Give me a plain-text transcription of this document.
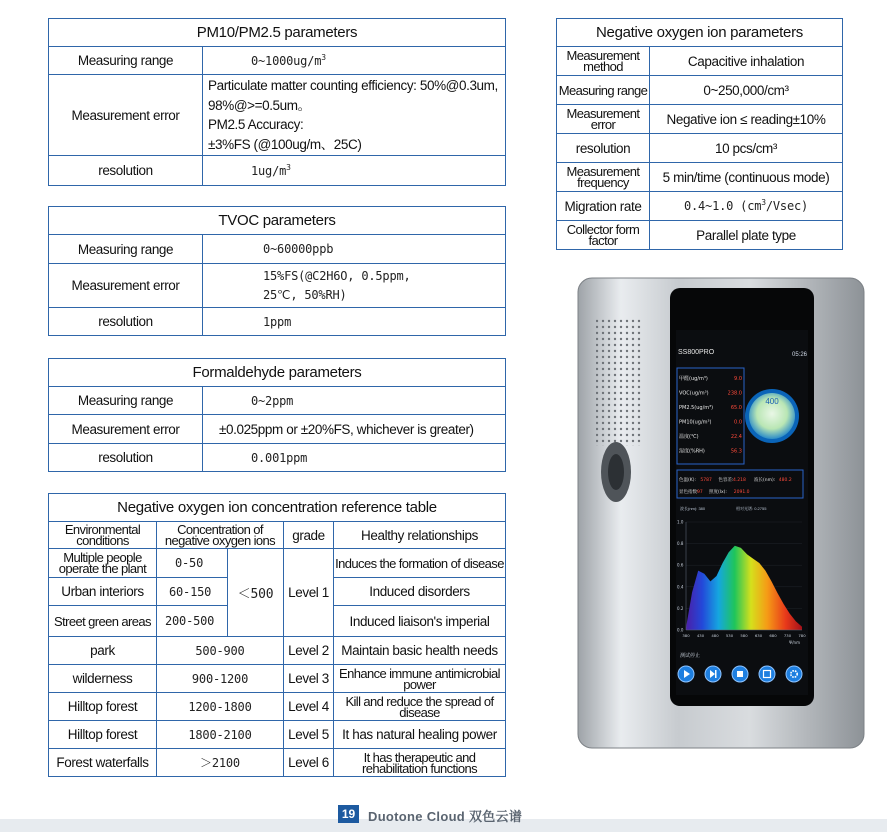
PM10/PM2.5 parameters	
Measuring range	$0\sim 1000ug/m^3$
Measurement error	Particulate matter counting efficiency: 50%@0.3um,
98%@>=0.5um。
PM2.5 Accuracy:
±3%FS (@100ug/m、25C)

resolution	$1ug/m^3$
TVOC parameters	
Measuring range	0~60000ppb
Measurement error	15%FS(@C2H6O, 0.5ppm,
25℃, 50%RH)

resolution	1ppm
Formaldehyde parameters	
Measuring range	0~2ppm
Measurement error	±0.025ppm or ±20%FS, whichever is greater)
resolution	0.001ppm
Negative oxygen ion parameters	
Measurement method	Capacitive inhalation
Measuring range	0~250,000/cm³
Measurement error	Negative ion ≤ reading±10%
resolution	10 pcs/cm³
Measurement frequency	5 min/time (continuous mode)
Migration rate	0.4~1.0 $(cm^3/Vsec)$
Collector form factor	Parallel plate type
Negative oxygen ion concentration reference table				
Environmental conditions	Concentration of negative oxygen ions		grade	Healthy relationships
Multiple people operate the plant	0-50	＜500	Level 1	Induces the formation of disease
Urban interiors	60-150			Induced disorders
Street green areas	200-500			Induced liaison's imperial
park	500-900		Level 2	Maintain basic health needs
wilderness	900-1200		Level 3	Enhance immune antimicrobial power
Hilltop forest	1200-1800		Level 4	Kill and reduce the spread of disease
Hilltop forest	1800-2100		Level 5	It has natural healing power
Forest waterfalls	＞2100		Level 6	It has therapeutic and rehabilitation functions
SS800PRO	05:26
甲醛(ug/m³)	9.0
VOC(ug/m³)	238.0
PM2.5(ug/m³)	65.0
PM10(ug/m³)	0.0
温度(℃)	22.4
湿度(%RH)	56.3
400
色温(K): 5787 色容差: 4.218 波长(nm): 480.2
显色指数:
97 照度(lx): 2091.0
波长(nm): 380	相对光谱: 0.2755
1.0
0.8
0.6
0.4
0.2
0.0
380 430 480 530 580 630 680 730 780
Ψ/nm
测试停止
19 Duotone Cloud 双色云谱
